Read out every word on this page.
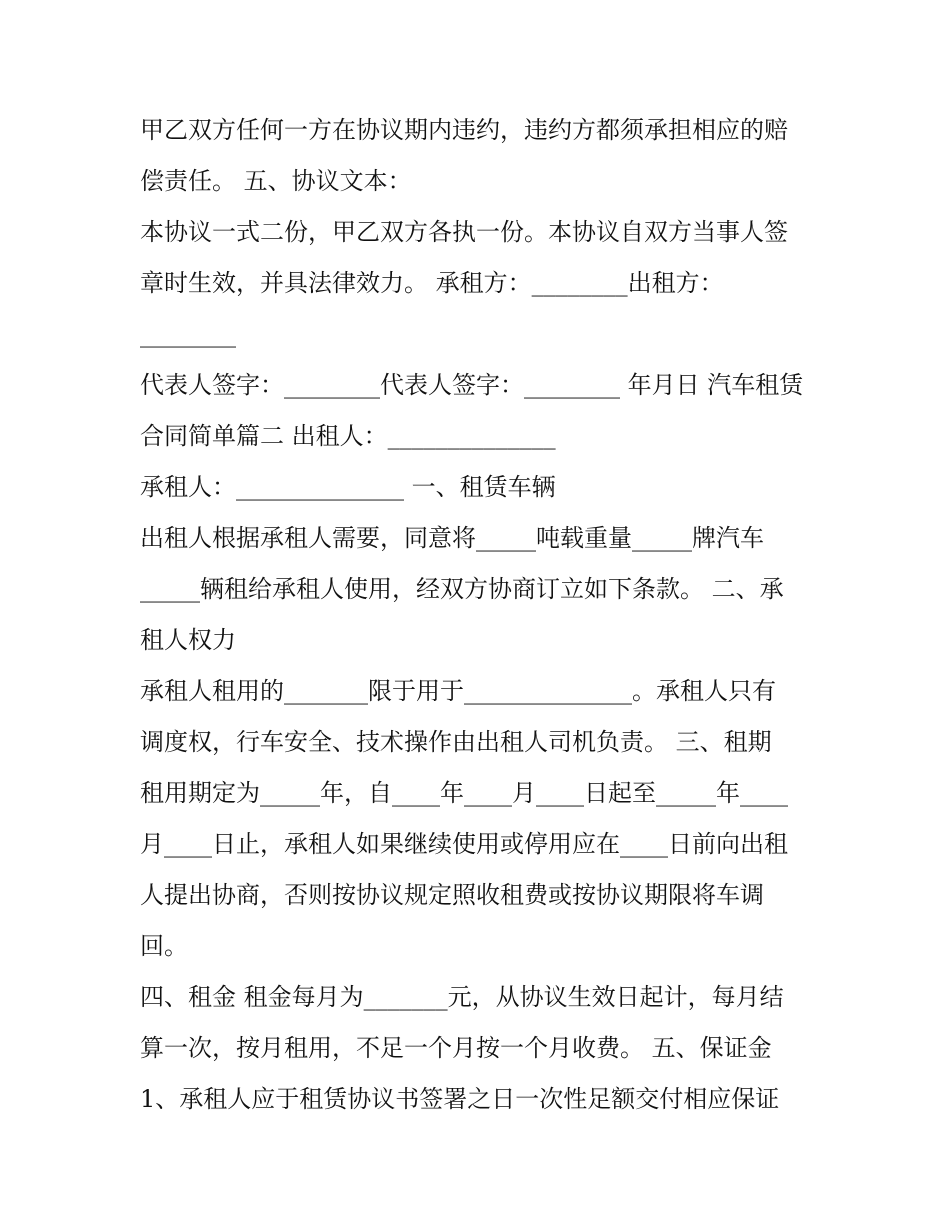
甲乙双方任何一方在协议期内违约，违约方都须承担相应的赔
偿责任。 五、协议文本：
本协议一式二份，甲乙双方各执一份。本协议自双方当事人签
章时生效，并具法律效力。 承租方：________出租方：
________
代表人签字：________代表人签字：________ 年月日 汽车租赁
合同简单篇二 出租人：______________
承租人：______________ 一、租赁车辆
出租人根据承租人需要，同意将_____吨载重量_____牌汽车
_____辆租给承租人使用，经双方协商订立如下条款。 二、承
租人权力
承租人租用的_______限于用于______________。承租人只有
调度权，行车安全、技术操作由出租人司机负责。 三、租期
租用期定为_____年，自____年____月____日起至_____年____
月____日止，承租人如果继续使用或停用应在____日前向出租
人提出协商，否则按协议规定照收租费或按协议期限将车调
回。
四、租金 租金每月为_______元，从协议生效日起计，每月结
算一次，按月租用，不足一个月按一个月收费。 五、保证金
1、承租人应于租赁协议书签署之日一次性足额交付相应保证
